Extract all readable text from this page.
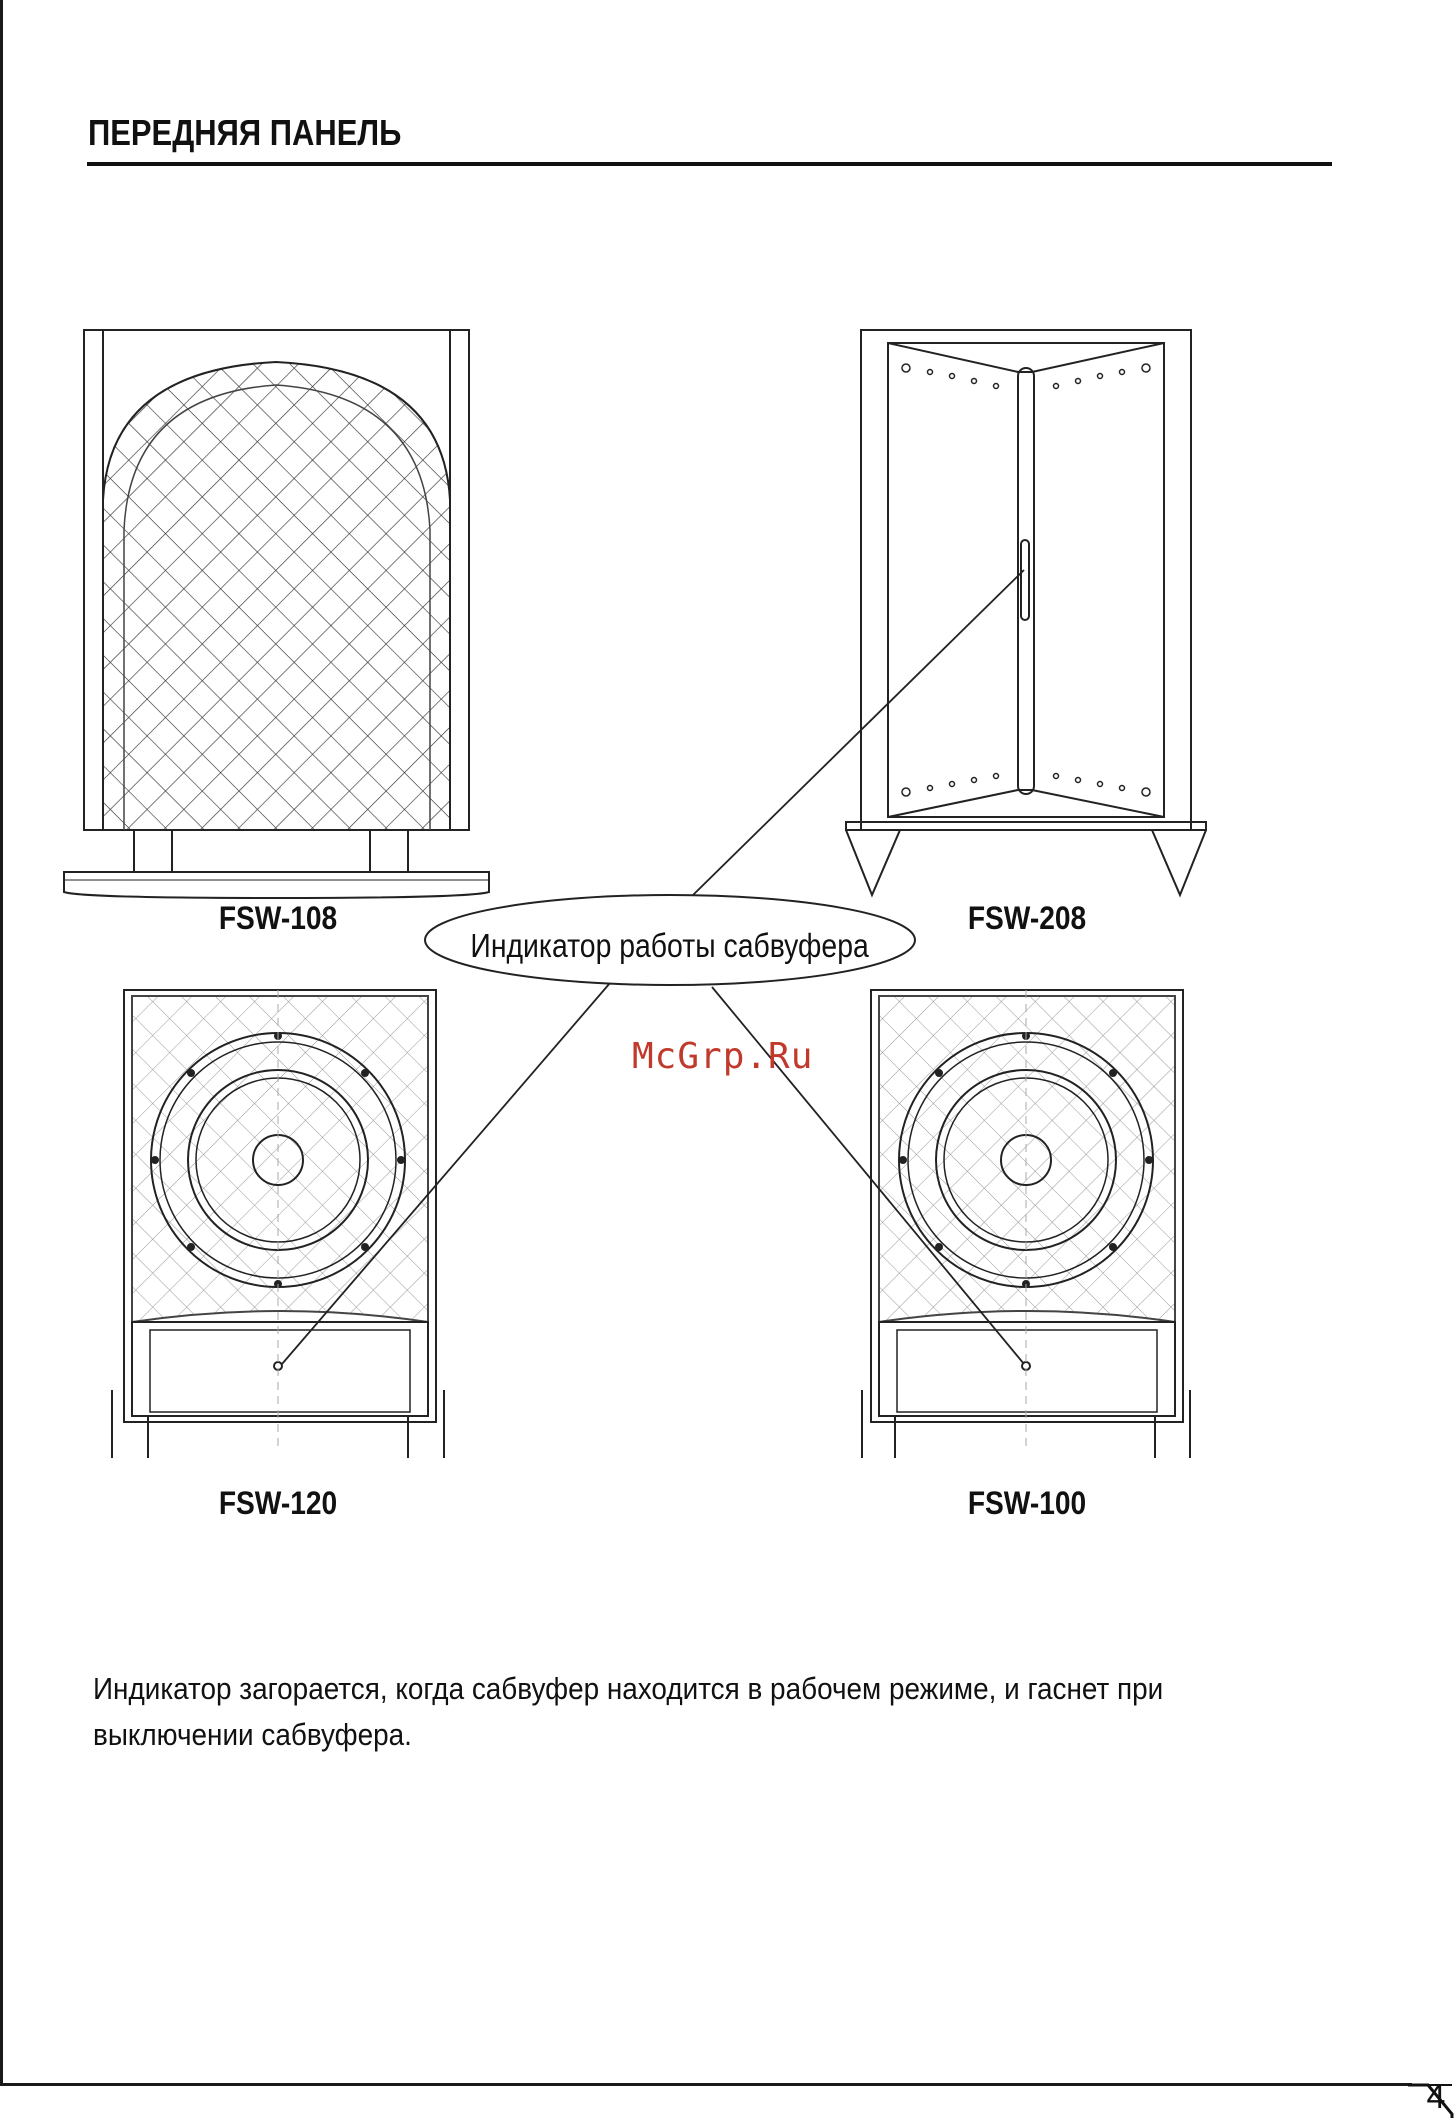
4
ПЕРЕДНЯЯ ПАНЕЛЬ
FSW-108	FSW-208
FSW-120	FSW-100
Индикатор работы сабвуфера
McGrp.Ru
Индикатор загорается, когда сабвуфер находится в рабочем режиме, и гаснет при выключении сабвуфера.
